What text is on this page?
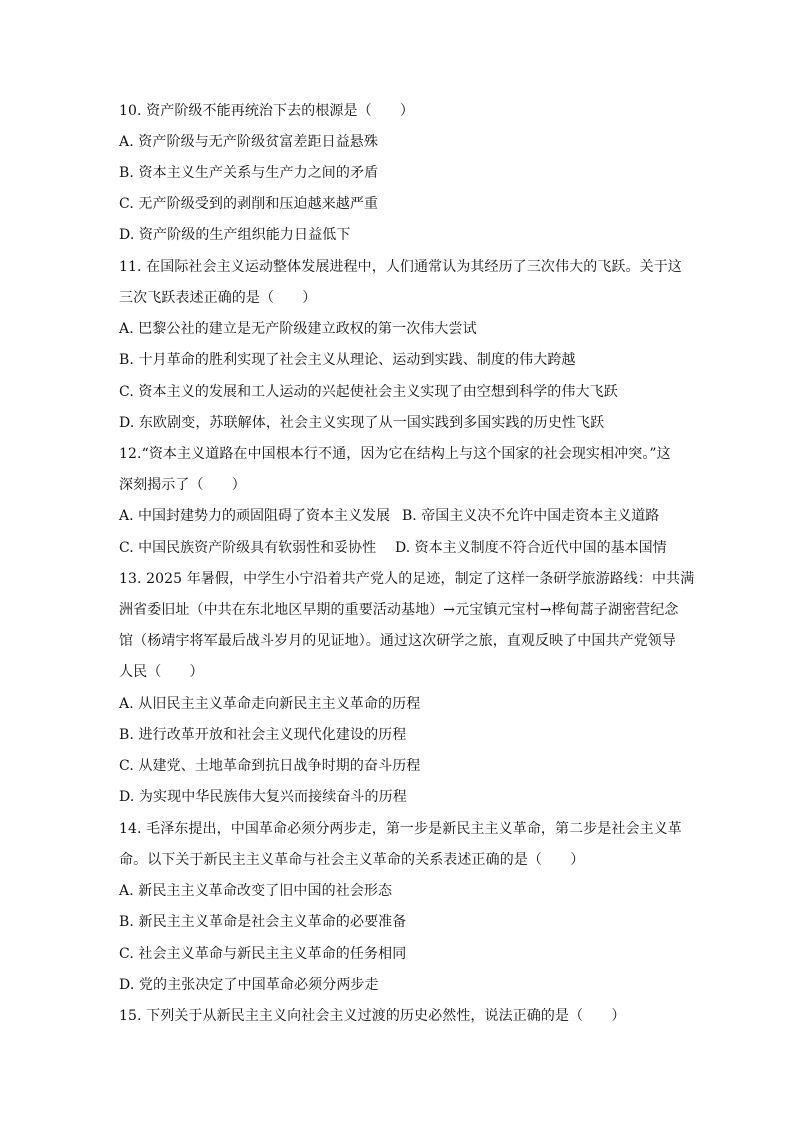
10. 资产阶级不能再统治下去的根源是（　　）
A. 资产阶级与无产阶级贫富差距日益悬殊
B. 资本主义生产关系与生产力之间的矛盾
C. 无产阶级受到的剥削和压迫越来越严重
D. 资产阶级的生产组织能力日益低下
11. 在国际社会主义运动整体发展进程中，人们通常认为其经历了三次伟大的飞跃。关于这
三次飞跃表述正确的是（　　）
A. 巴黎公社的建立是无产阶级建立政权的第一次伟大尝试
B. 十月革命的胜利实现了社会主义从理论、运动到实践、制度的伟大跨越
C. 资本主义的发展和工人运动的兴起使社会主义实现了由空想到科学的伟大飞跃
D. 东欧剧变，苏联解体，社会主义实现了从一国实践到多国实践的历史性飞跃
12.“资本主义道路在中国根本行不通，因为它在结构上与这个国家的社会现实相冲突。”这
深刻揭示了（　　）
A. 中国封建势力的顽固阻碍了资本主义发展 B. 帝国主义决不允许中国走资本主义道路
C. 中国民族资产阶级具有软弱性和妥协性 D. 资本主义制度不符合近代中国的基本国情
13. 2025 年暑假，中学生小宁沿着共产党人的足迹，制定了这样一条研学旅游路线：中共满
洲省委旧址（中共在东北地区早期的重要活动基地）→元宝镇元宝村→桦甸蒿子湖密营纪念
馆（杨靖宇将军最后战斗岁月的见证地）。通过这次研学之旅，直观反映了中国共产党领导
人民（　　）
A. 从旧民主主义革命走向新民主主义革命的历程
B. 进行改革开放和社会主义现代化建设的历程
C. 从建党、土地革命到抗日战争时期的奋斗历程
D. 为实现中华民族伟大复兴而接续奋斗的历程
14. 毛泽东提出，中国革命必须分两步走，第一步是新民主主义革命，第二步是社会主义革
命。以下关于新民主主义革命与社会主义革命的关系表述正确的是（　　）
A. 新民主主义革命改变了旧中国的社会形态
B. 新民主主义革命是社会主义革命的必要准备
C. 社会主义革命与新民主主义革命的任务相同
D. 党的主张决定了中国革命必须分两步走
15. 下列关于从新民主主义向社会主义过渡的历史必然性，说法正确的是（　　）
